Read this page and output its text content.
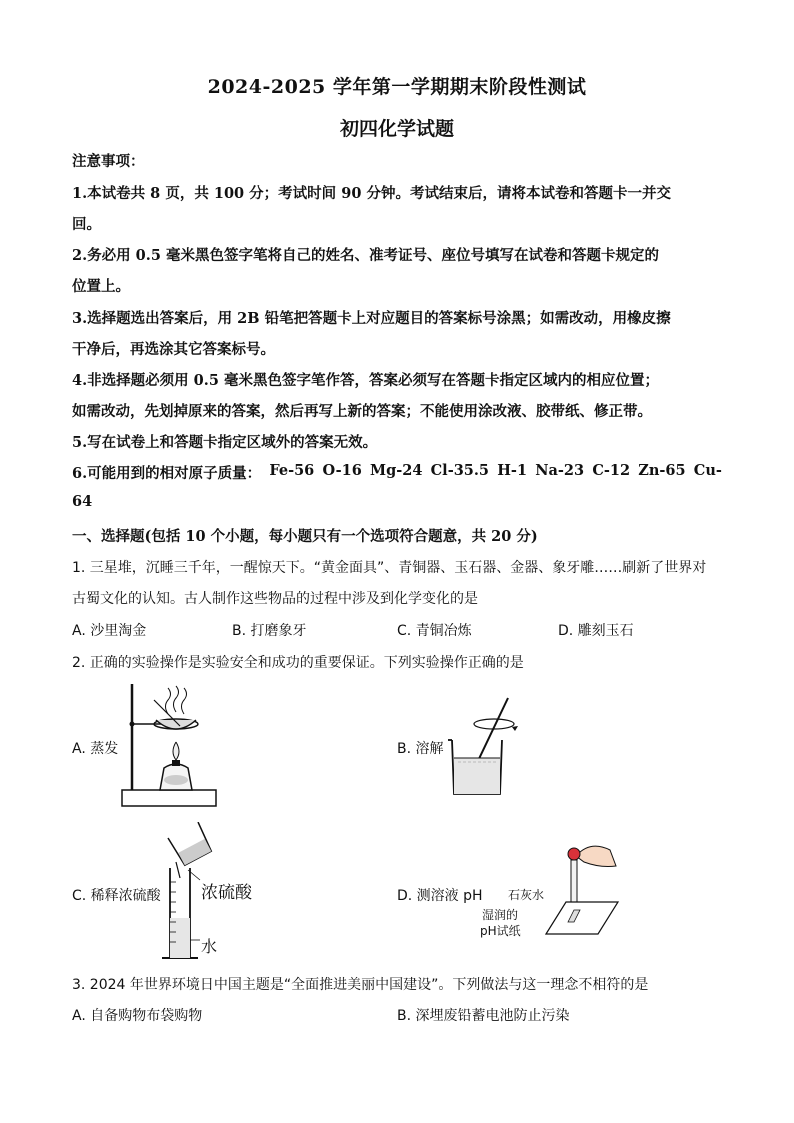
2024-2025 学年第一学期期末阶段性测试
初四化学试题
注意事项：
1.本试卷共 8 页，共 100 分；考试时间 90 分钟。考试结束后，请将本试卷和答题卡一并交
回。
2.务必用 0.5 毫米黑色签字笔将自己的姓名、准考证号、座位号填写在试卷和答题卡规定的
位置上。
3.选择题选出答案后，用 2B 铅笔把答题卡上对应题目的答案标号涂黑；如需改动，用橡皮擦
干净后，再选涂其它答案标号。
4.非选择题必须用 0.5 毫米黑色签字笔作答，答案必须写在答题卡指定区域内的相应位置；
如需改动，先划掉原来的答案，然后再写上新的答案；不能使用涂改液、胶带纸、修正带。
5.写在试卷上和答题卡指定区域外的答案无效。
6.可能用到的相对原子质量： Fe-56 O-16 Mg-24 Cl-35.5 H-1 Na-23 C-12 Zn-65 Cu-
64
一、选择题(包括 10 个小题，每小题只有一个选项符合题意，共 20 分)
1. 三星堆，沉睡三千年，一醒惊天下。“黄金面具”、青铜器、玉石器、金器、象牙雕……刷新了世界对
古蜀文化的认知。古人制作这些物品的过程中涉及到化学变化的是
A. 沙里淘金	B. 打磨象牙	C. 青铜冶炼	D. 雕刻玉石
2. 正确的实验操作是实验安全和成功的重要保证。下列实验操作正确的是
A. 蒸发	B. 溶解
C. 稀释浓硫酸 浓硫酸
水
D. 测溶液 pH 石灰水
湿润的
pH试纸
3. 2024 年世界环境日中国主题是“全面推进美丽中国建设”。下列做法与这一理念不相符的是
A. 自备购物布袋购物	B. 深埋废铅蓄电池防止污染
